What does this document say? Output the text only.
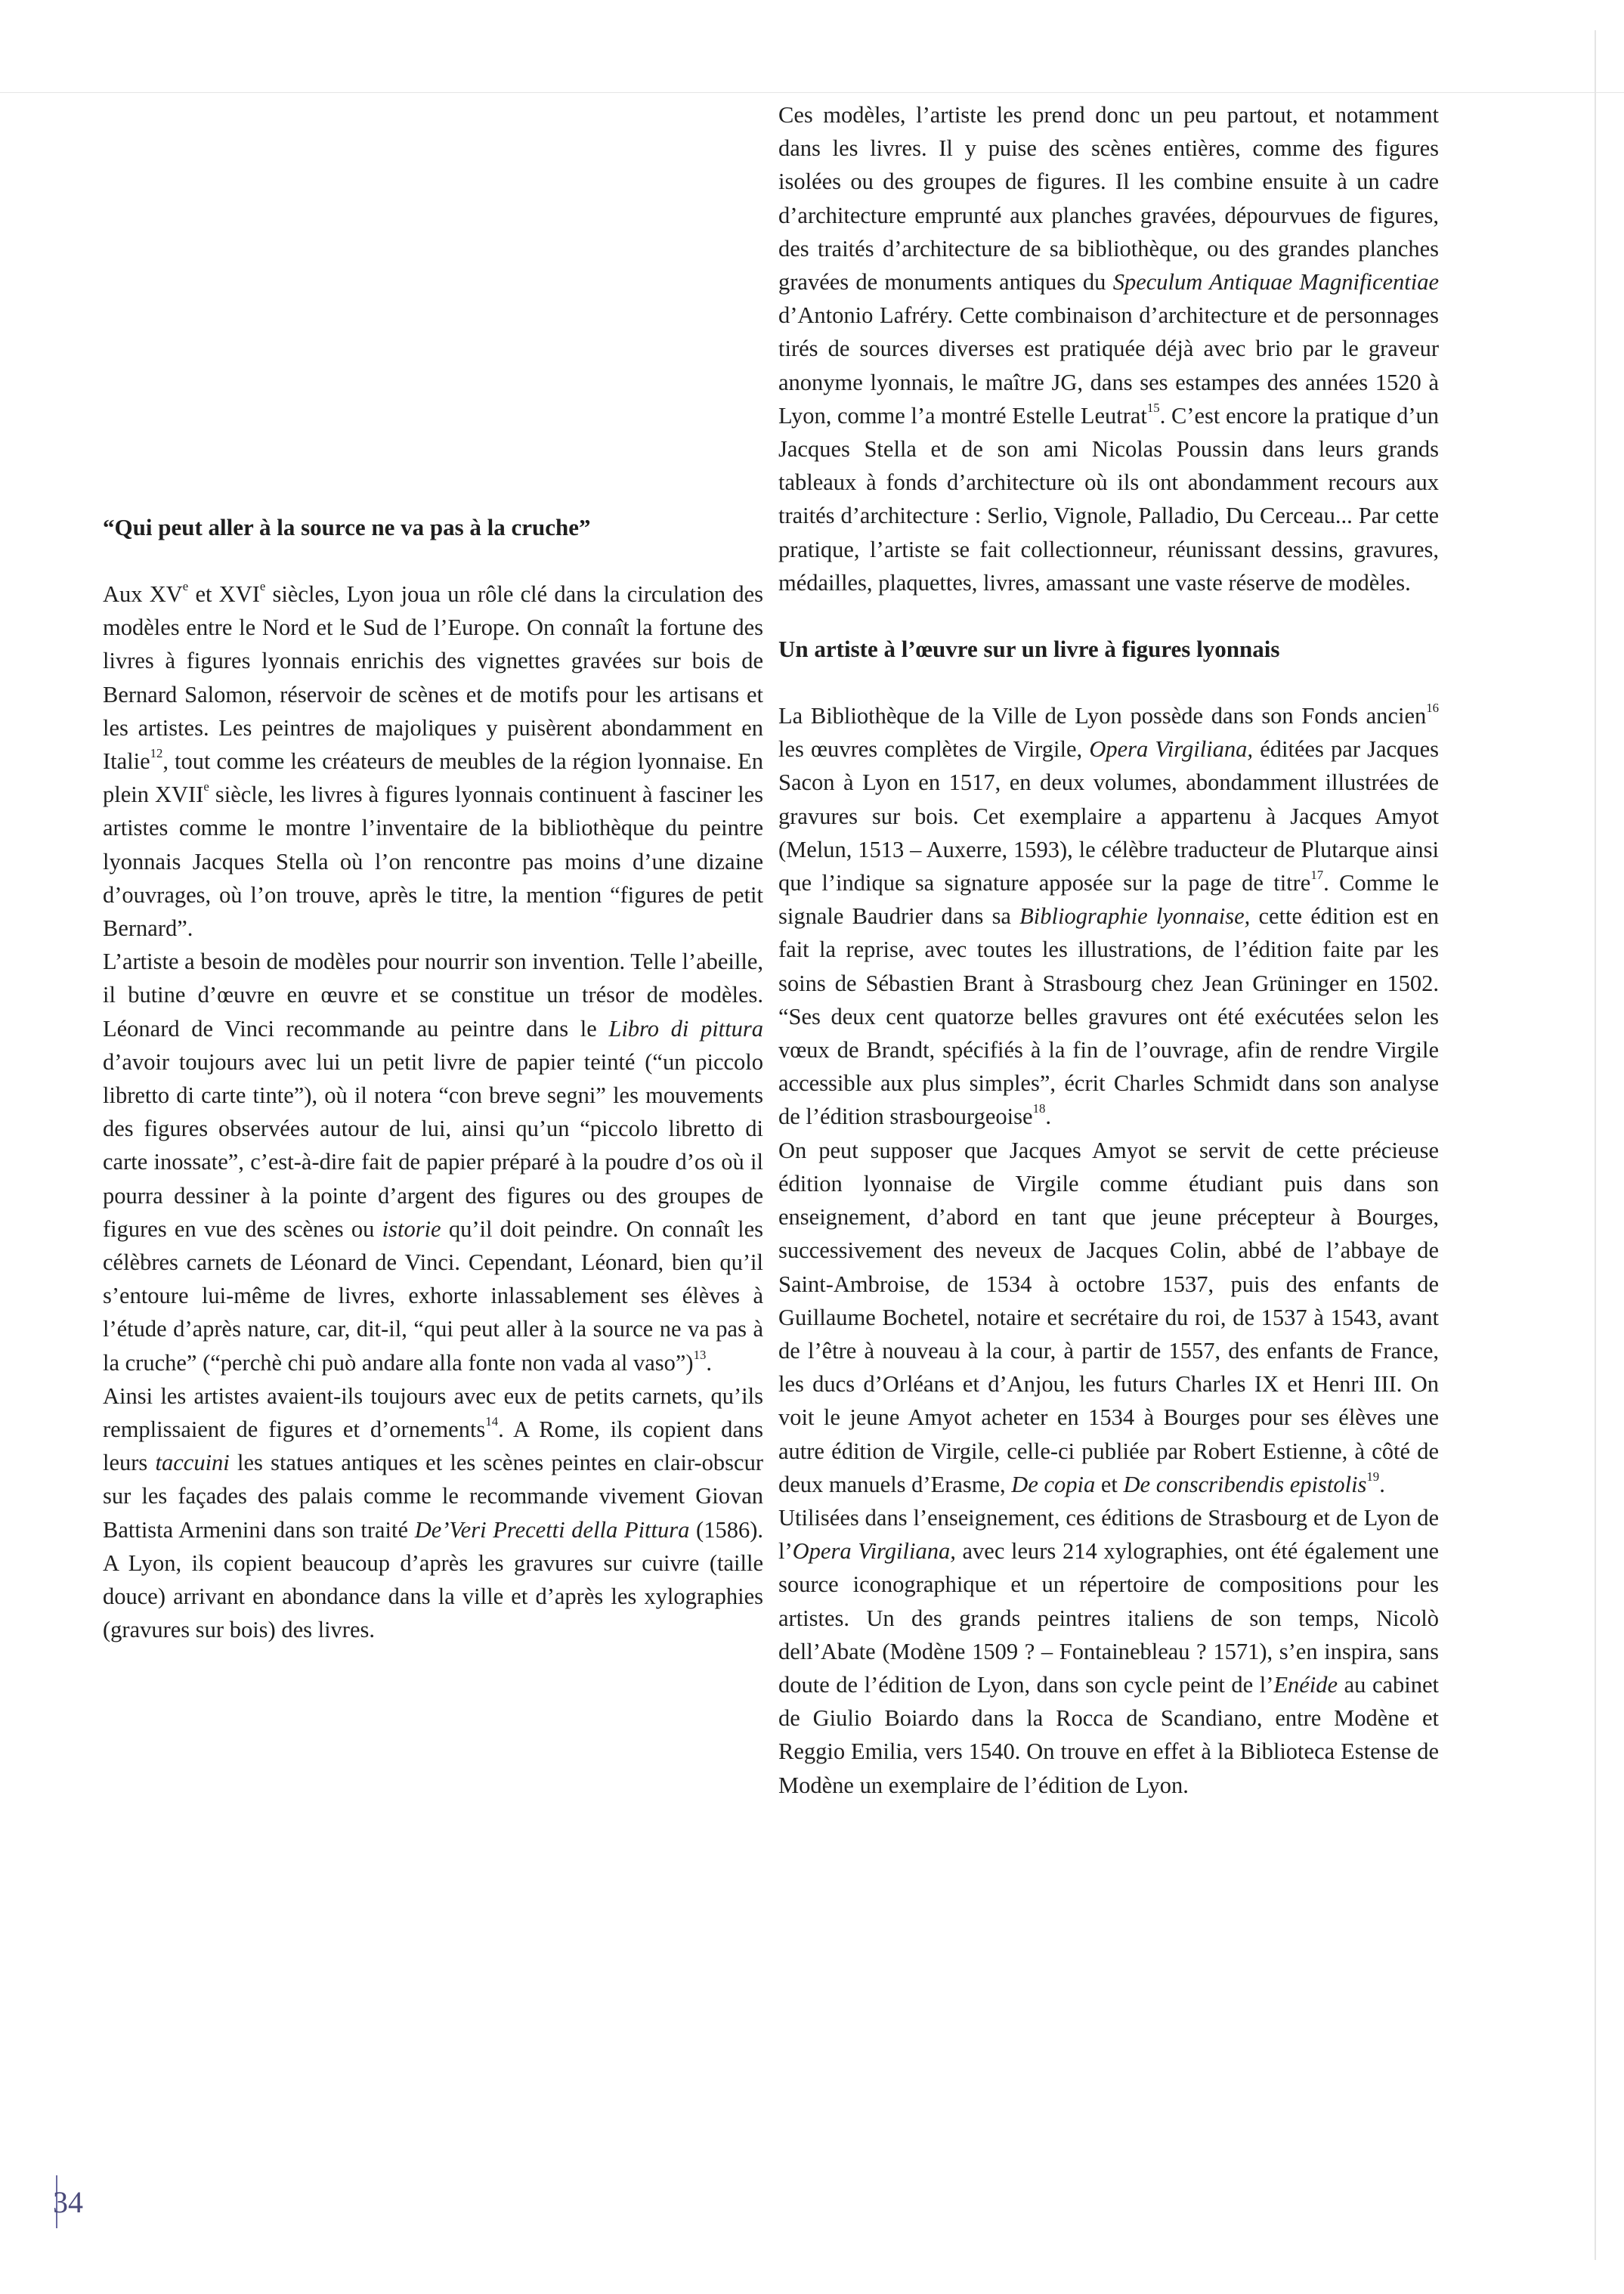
“Qui peut aller à la source ne va pas à la cruche”

Aux XVe et XVIe siècles, Lyon joua un rôle clé dans la circulation des modèles entre le Nord et le Sud de l’Europe. On connaît la fortune des livres à figures lyonnais enrichis des vignettes gravées sur bois de Bernard Salomon, réservoir de scènes et de motifs pour les artisans et les artistes. Les peintres de majoliques y puisèrent abondamment en Italie$^{12}$, tout comme les créateurs de meubles de la région lyonnaise. En plein XVIIe siècle, les livres à figures lyonnais continuent à fasciner les artistes comme le montre l’inventaire de la bibliothèque du peintre lyonnais Jacques Stella où l’on rencontre pas moins d’une dizaine d’ouvrages, où l’on trouve, après le titre, la mention “figures de petit Bernard”.

L’artiste a besoin de modèles pour nourrir son invention. Telle l’abeille, il butine d’œuvre en œuvre et se constitue un trésor de modèles. Léonard de Vinci recommande au peintre dans le Libro di pittura d’avoir toujours avec lui un petit livre de papier teinté (“un piccolo libretto di carte tinte”), où il notera “con breve segni” les mouvements des figures observées autour de lui, ainsi qu’un “piccolo libretto di carte inossate”, c’est-à-dire fait de papier préparé à la poudre d’os où il pourra dessiner à la pointe d’argent des figures ou des groupes de figures en vue des scènes ou istorie qu’il doit peindre. On connaît les célèbres carnets de Léonard de Vinci. Cependant, Léonard, bien qu’il s’entoure lui-même de livres, exhorte inlassablement ses élèves à l’étude d’après nature, car, dit-il, “qui peut aller à la source ne va pas à la cruche” (“perchè chi può andare alla fonte non vada al vaso”)$^{13}$.

Ainsi les artistes avaient-ils toujours avec eux de petits carnets, qu’ils remplissaient de figures et d’ornements$^{14}$. A Rome, ils copient dans leurs taccuini les statues antiques et les scènes peintes en clair-obscur sur les façades des palais comme le recommande vivement Giovan Battista Armenini dans son traité De’Veri Precetti della Pittura (1586). A Lyon, ils copient beaucoup d’après les gravures sur cuivre (taille douce) arrivant en abondance dans la ville et d’après les xylographies (gravures sur bois) des livres.

Ces modèles, l’artiste les prend donc un peu partout, et notamment dans les livres. Il y puise des scènes entières, comme des figures isolées ou des groupes de figures. Il les combine ensuite à un cadre d’architecture emprunté aux planches gravées, dépourvues de figures, des traités d’architecture de sa bibliothèque, ou des grandes planches gravées de monuments antiques du Speculum Antiquae Magnificentiae d’Antonio Lafréry. Cette combinaison d’architecture et de personnages tirés de sources diverses est pratiquée déjà avec brio par le graveur anonyme lyonnais, le maître JG, dans ses estampes des années 1520 à Lyon, comme l’a montré Estelle Leutrat$^{15}$. C’est encore la pratique d’un Jacques Stella et de son ami Nicolas Poussin dans leurs grands tableaux à fonds d’architecture où ils ont abondamment recours aux traités d’architecture : Serlio, Vignole, Palladio, Du Cerceau... Par cette pratique, l’artiste se fait collectionneur, réunissant dessins, gravures, médailles, plaquettes, livres, amassant une vaste réserve de modèles.

Un artiste à l’œuvre sur un livre à figures lyonnais

La Bibliothèque de la Ville de Lyon possède dans son Fonds ancien$^{16}$ les œuvres complètes de Virgile, Opera Virgiliana, éditées par Jacques Sacon à Lyon en 1517, en deux volumes, abondamment illustrées de gravures sur bois. Cet exemplaire a appartenu à Jacques Amyot (Melun, 1513 – Auxerre, 1593), le célèbre traducteur de Plutarque ainsi que l’indique sa signature apposée sur la page de titre$^{17}$. Comme le signale Baudrier dans sa Bibliographie lyonnaise, cette édition est en fait la reprise, avec toutes les illustrations, de l’édition faite par les soins de Sébastien Brant à Strasbourg chez Jean Grüninger en 1502. “Ses deux cent quatorze belles gravures ont été exécutées selon les vœux de Brandt, spécifiés à la fin de l’ouvrage, afin de rendre Virgile accessible aux plus simples”, écrit Charles Schmidt dans son analyse de l’édition strasbourgeoise$^{18}$.

On peut supposer que Jacques Amyot se servit de cette précieuse édition lyonnaise de Virgile comme étudiant puis dans son enseignement, d’abord en tant que jeune précepteur à Bourges, successivement des neveux de Jacques Colin, abbé de l’abbaye de Saint-Ambroise, de 1534 à octobre 1537, puis des enfants de Guillaume Bochetel, notaire et secrétaire du roi, de 1537 à 1543, avant de l’être à nouveau à la cour, à partir de 1557, des enfants de France, les ducs d’Orléans et d’Anjou, les futurs Charles IX et Henri III. On voit le jeune Amyot acheter en 1534 à Bourges pour ses élèves une autre édition de Virgile, celle-ci publiée par Robert Estienne, à côté de deux manuels d’Erasme, De copia et De conscribendis epistolis$^{19}$.

Utilisées dans l’enseignement, ces éditions de Strasbourg et de Lyon de l’Opera Virgiliana, avec leurs 214 xylographies, ont été également une source iconographique et un répertoire de compositions pour les artistes. Un des grands peintres italiens de son temps, Nicolò dell’Abate (Modène 1509 ? – Fontainebleau ? 1571), s’en inspira, sans doute de l’édition de Lyon, dans son cycle peint de l’Enéide au cabinet de Giulio Boiardo dans la Rocca de Scandiano, entre Modène et Reggio Emilia, vers 1540. On trouve en effet à la Biblioteca Estense de Modène un exemplaire de l’édition de Lyon.

34
